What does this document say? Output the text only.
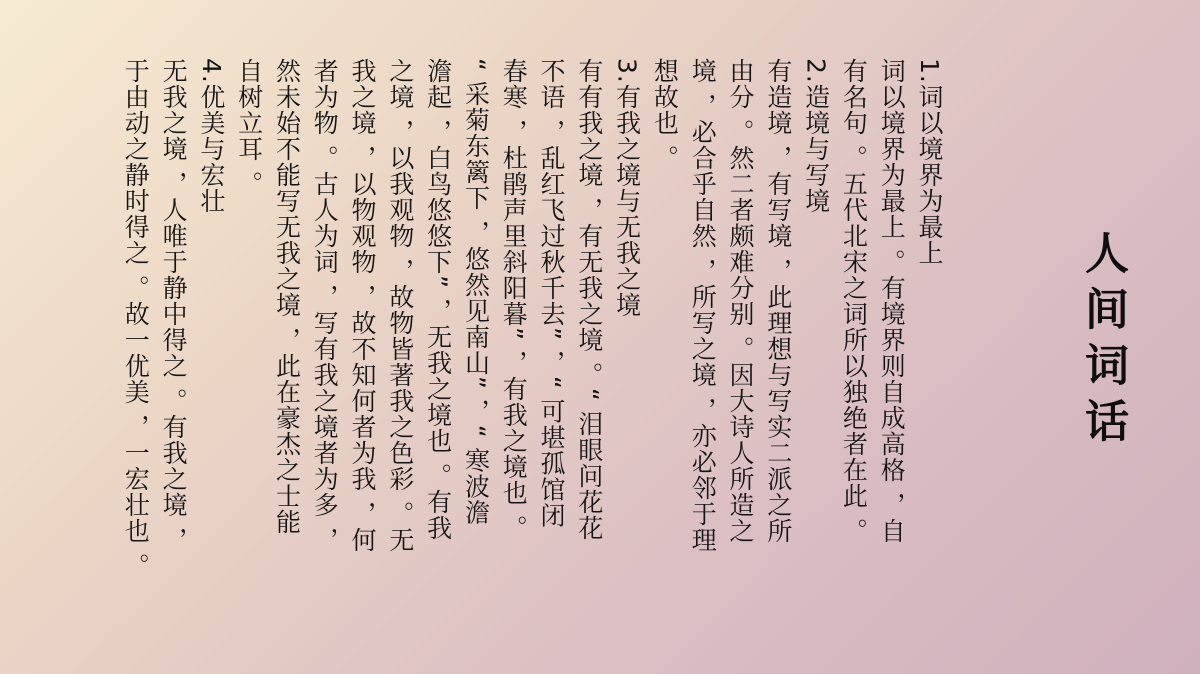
人间词话
1.词以境界为最上
词以境界为最上 。有境界则自成高格 ，自
有名句 。五代北宋之词所以独绝者在此 。
2.造境与写境
有造境 ，有写境 ，此理想与写实二派之所
由分 。然二者颇难分别 。因大诗人所造之
境 ，必合乎自然 ，所写之境 ，亦必邻于理
想故也 。
3.有我之境与无我之境
有有我之境 ，有无我之境 。“ 泪眼问花花
不语 ，乱红飞过秋千去” ，“ 可堪孤馆闭
春寒 ，杜鹃声里斜阳暮” ，有我之境也 。
“ 采菊东篱下 ，悠然见南山” ，“ 寒波澹
澹起 ，白鸟悠悠下” ，无我之境也 。有我
之境 ，以我观物 ，故物皆著我之色彩 。无
我之境 ，以物观物 ，故不知何者为我 ，何
者为物 。古人为词 ，写有我之境者为多 ，
然未始不能写无我之境 ，此在豪杰之士能
自树立耳 。
4.优美与宏壮
无我之境 ，人唯于静中得之 。有我之境 ，
于由动之静时得之 。故一优美 ，一宏壮也 。
